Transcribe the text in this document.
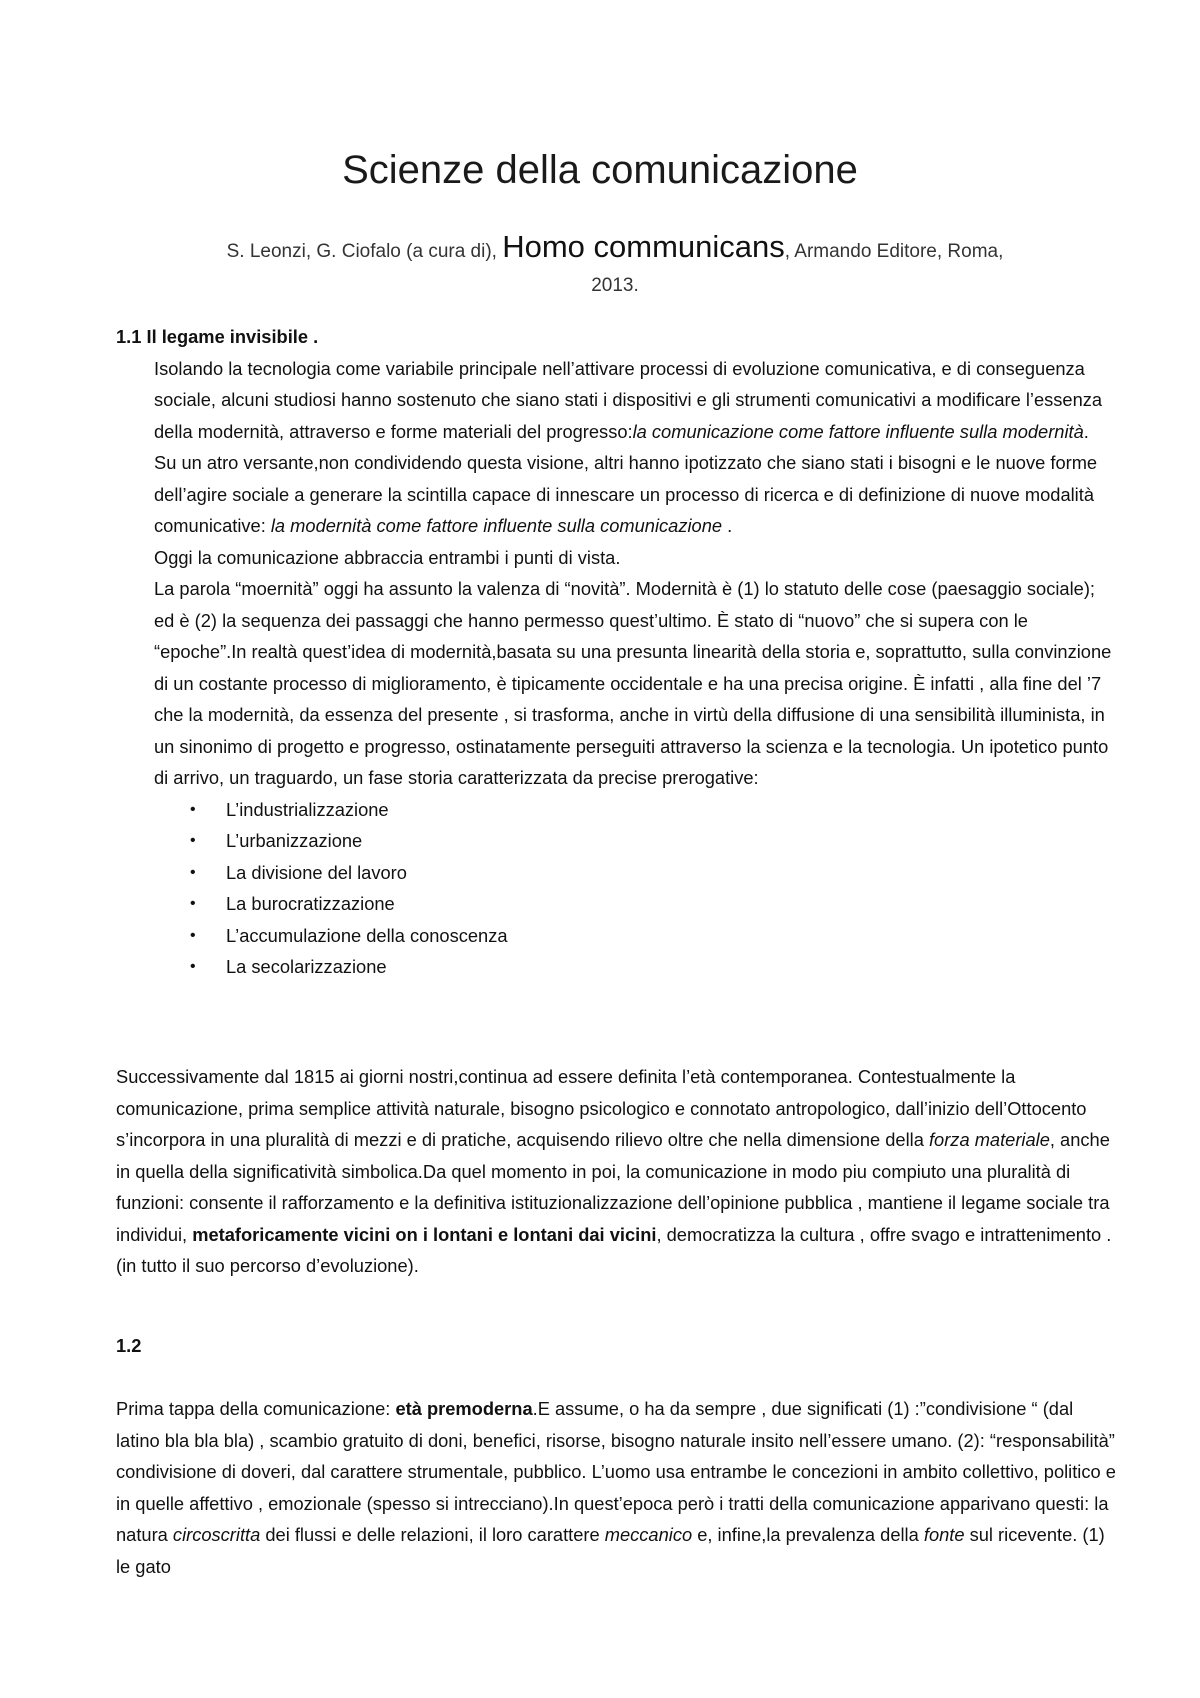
Scienze della comunicazione
S. Leonzi, G. Ciofalo (a cura di), Homo communicans, Armando Editore, Roma,
2013.

1.1 Il legame invisibile .

Isolando la tecnologia come variabile principale nell’attivare processi di evoluzione comunicativa, e di conseguenza sociale, alcuni studiosi hanno sostenuto che siano stati i dispositivi e gli strumenti comunicativi a modificare l’essenza della modernità, attraverso e forme materiali del progresso:la comunicazione come fattore influente sulla modernità.

Su un atro versante,non condividendo questa visione, altri hanno ipotizzato che siano stati i bisogni e le nuove forme dell’agire sociale a generare la scintilla capace di innescare un processo di ricerca e di definizione di nuove modalità comunicative: la modernità come fattore influente sulla comunicazione .

Oggi la comunicazione abbraccia entrambi i punti di vista.

La parola “moernità” oggi ha assunto la valenza di “novità”. Modernità è (1) lo statuto delle cose (paesaggio sociale); ed è (2) la sequenza dei passaggi che hanno permesso quest’ultimo. È stato di “nuovo” che si supera con le “epoche”.In realtà quest’idea di modernità,basata su una presunta linearità della storia e, soprattutto, sulla convinzione di un costante processo di miglioramento, è tipicamente occidentale e ha una precisa origine. È infatti , alla fine del ’7 che la modernità, da essenza del presente , si trasforma, anche in virtù della diffusione di una sensibilità illuminista, in un sinonimo di progetto e progresso, ostinatamente perseguiti attraverso la scienza e la tecnologia. Un ipotetico punto di arrivo, un traguardo, un fase storia caratterizzata da precise prerogative:

• L’industrializzazione
• L’urbanizzazione
• La divisione del lavoro
• La burocratizzazione
• L’accumulazione della conoscenza
• La secolarizzazione

Successivamente dal 1815 ai giorni nostri,continua ad essere definita l’età contemporanea. Contestualmente la comunicazione, prima semplice attività naturale, bisogno psicologico e connotato antropologico, dall’inizio dell’Ottocento s’incorpora in una pluralità di mezzi e di pratiche, acquisendo rilievo oltre che nella dimensione della forza materiale, anche in quella della significatività simbolica.Da quel momento in poi, la comunicazione in modo piu compiuto una pluralità di funzioni: consente il rafforzamento e la definitiva istituzionalizzazione dell’opinione pubblica , mantiene il legame sociale tra individui, metaforicamente vicini on i lontani e lontani dai vicini, democratizza la cultura , offre svago e intrattenimento . (in tutto il suo percorso d’evoluzione).

1.2

Prima tappa della comunicazione: età premoderna.E assume, o ha da sempre , due significati (1) :”condivisione “ (dal latino bla bla bla) , scambio gratuito di doni, benefici, risorse, bisogno naturale insito nell’essere umano. (2): “responsabilità” condivisione di doveri, dal carattere strumentale, pubblico. L’uomo usa entrambe le concezioni in ambito collettivo, politico e in quelle affettivo , emozionale (spesso si intrecciano).In quest’epoca però i tratti della comunicazione apparivano questi: la natura circoscritta dei flussi e delle relazioni, il loro carattere meccanico e, infine,la prevalenza della fonte sul ricevente. (1) le gato
